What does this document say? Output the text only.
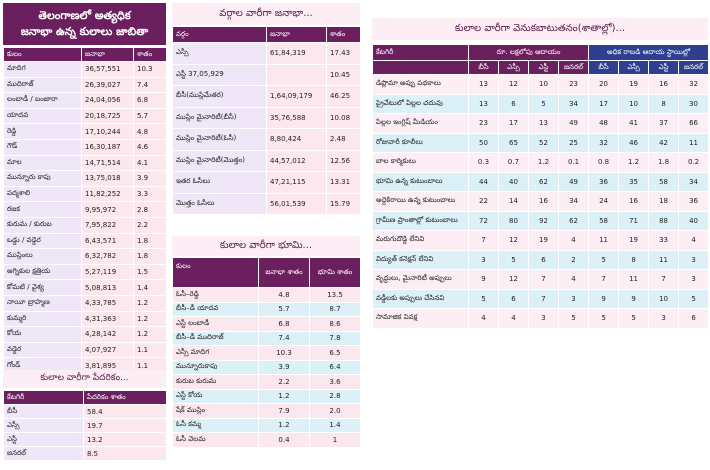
తెలంగాణలో అత్యధిక
జనాభా ఉన్న కులాలు జాబితా
కులం	జనాభా	శాతం
మాదిగ	36,57,551	10.3
ముదిరాజ్	26,39,027	7.4
లంబాడీ / బంజారా	24,04,056	6.8
యాదవ	20,18,725	5.7
రెడ్డి	17,10,244	4.8
గౌడ్	16,30,187	4.6
మాల	14,71,514	4.1
మున్నూరు కాపు	13,75,018	3.9
పద్మశాలి	11,82,252	3.3
రజక	9,95,972	2.8
కురుమ / కురుబ	7,95,822	2.2
ఒడ్డు / వడ్డెర	6,43,571	1.8
ముస్లింలు	6,32,782	1.8
అగ్నికుల క్షత్రియ	5,27,119	1.5
కోమటి / వైశ్య	5,08,813	1.4
నాయీ బ్రాహ్మణ	4,33,785	1.2
కుమ్మరి	4,31,363	1.2
కోయ	4,28,142	1.2
వడ్డెర	4,07,927	1.1
గోండ్	3,81,895	1.1
కులాల వారీగా పేదరికం...
కేటగిరీ	పేదరికం శాతం
బీసీ	58.4
ఎస్సీ	19.7
ఎస్టీ	13.2
జనరల్	8.5
వర్గాల వారీగా జనాభా...
వర్గం	జనాభా	శాతం
ఎస్సీ	61,84,319	17.43
ఎస్టీ 37,05,929		10.45
బీసీ(ముస్లిమేతర)	1,64,09,179	46.25
ముస్లిం మైనారిటీ(బీసీ)	35,76,588	10.08
ముస్లిం మైనారిటీ(ఓసీ)	8,80,424	2.48
ముస్లిం మైనారిటీ(మొత్తం)	44,57,012	12.56
ఇతర ఓసీలు	47,21,115	13.31
మొత్తం ఓసీలు	56,01,539	15.79
కులాల వారీగా భూమి...
కులం	జనాభా శాతం	భూమి శాతం
ఓసీ–రెడ్డి	4.8	13.5
బీసీ–డీ యాదవ	5.7	8.7
ఎస్టీ లంబాడీ	6.8	8.6
బీసీ–డీ ముదిరాజ్	7.4	7.8
ఎస్సీ మాదిగ	10.3	6.5
మున్నూరుకాపు	3.9	6.4
కురుబ కురుమ	2.2	3.6
ఎస్టీ కోయ	1.2	2.8
షేక్ ముస్లిం	7.9	2.0
ఓసీ కమ్మ	1.2	1.4
ఓసీ వెలమ	0.4	1
కులాల వారీగా వెనుకబాటుతనం(శాతాల్లో)...
కేటగిరీ	రూ. లక్షలోపు ఆదాయం				అధిక రాబడి ఆదాయ స్థాయిల్లో			
	బీసీ	ఎస్సీ	ఎస్టీ	జనరల్	బీసీ	ఎస్సీ	ఎస్టీ	జనరల్
డిప్లొమా అప్పు పథకాలు	13	12	10	23	20	19	16	32
ప్రైవేటులో పిల్లల చదువు	13	6	5	34	17	10	8	30
పిల్లల ఇంగ్లిష్ మీడియం	23	17	13	49	48	41	37	66
రోజువారీ కూలీలు	50	65	52	25	32	46	42	11
బాల కార్మికులు	0.3	0.7	1.2	0.1	0.8	1.2	1.8	0.2
భూమి ఉన్న కుటుంబాలు	44	40	62	49	36	35	58	34
అద్దెకిరాయి ఉన్న కుటుంబాలు	22	14	16	34	24	16	18	36
గ్రామీణ ప్రాంతాల్లో కుటుంబాలు	72	80	92	62	58	71	88	40
మరుగుదొడ్డి లేనివి	7	12	19	4	11	19	33	4
విద్యుత్ కనెక్షన్ లేనివి	3	5	6	2	5	8	11	3
వృద్ధులు, మైనారిటీ అప్పులు	9	12	7	4	7	11	7	3
వడ్డీలకు అప్పులు చేసినవి	5	6	7	3	9	9	10	5
సామాజిక వివక్ష	4	4	3	5	5	5	3	6
